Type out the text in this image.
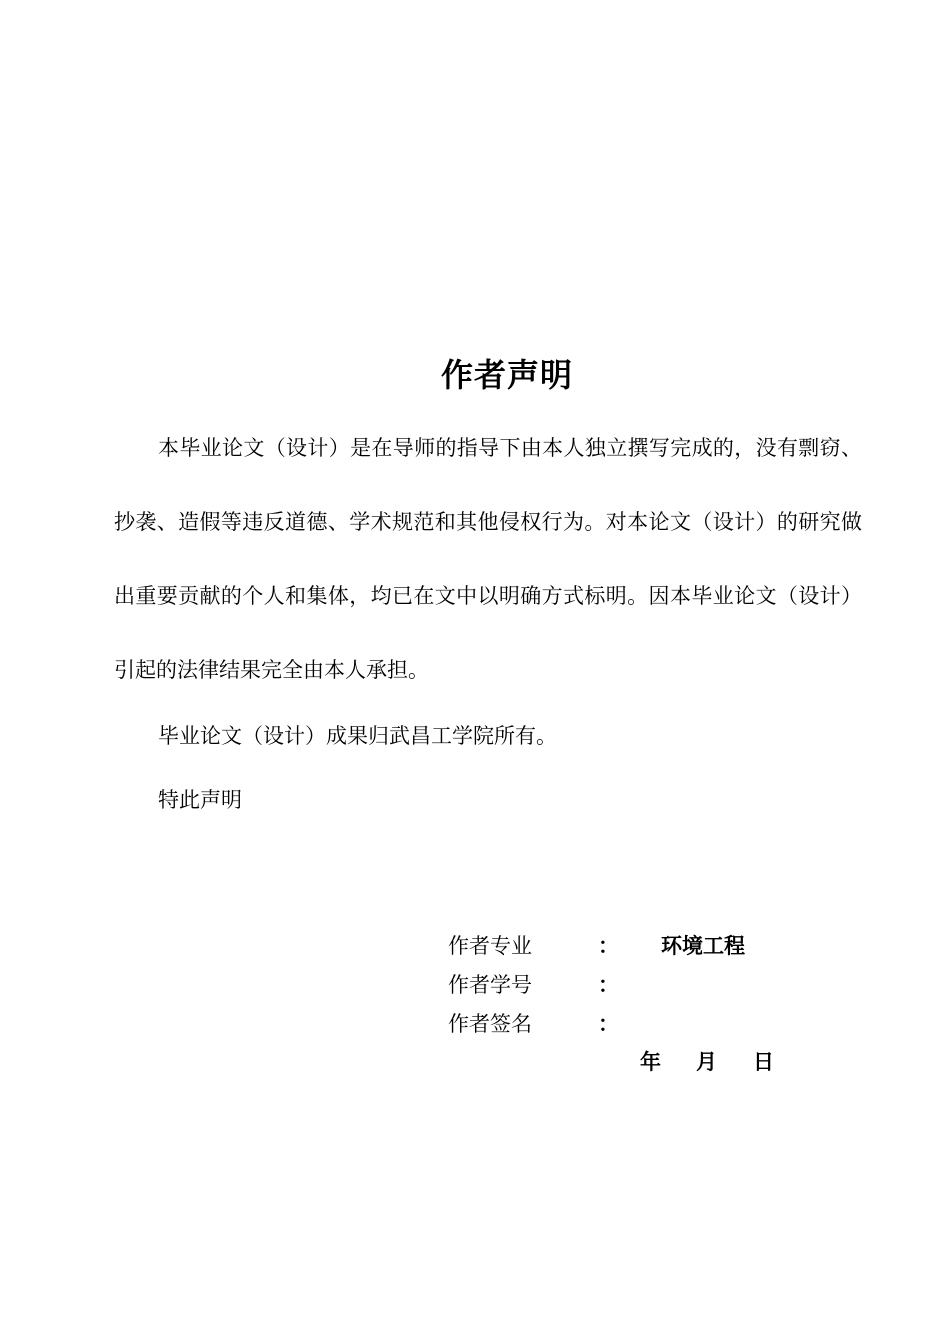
作者声明
本毕业论文（设计）是在导师的指导下由本人独立撰写完成的，没有剽窃、抄袭、造假等违反道德、学术规范和其他侵权行为。对本论文（设计）的研究做出重要贡献的个人和集体，均已在文中以明确方式标明。因本毕业论文（设计）引起的法律结果完全由本人承担。
毕业论文（设计）成果归武昌工学院所有。
特此声明
作者专业	： 环境工程
作者学号	：
作者签名	：
年 月 日
